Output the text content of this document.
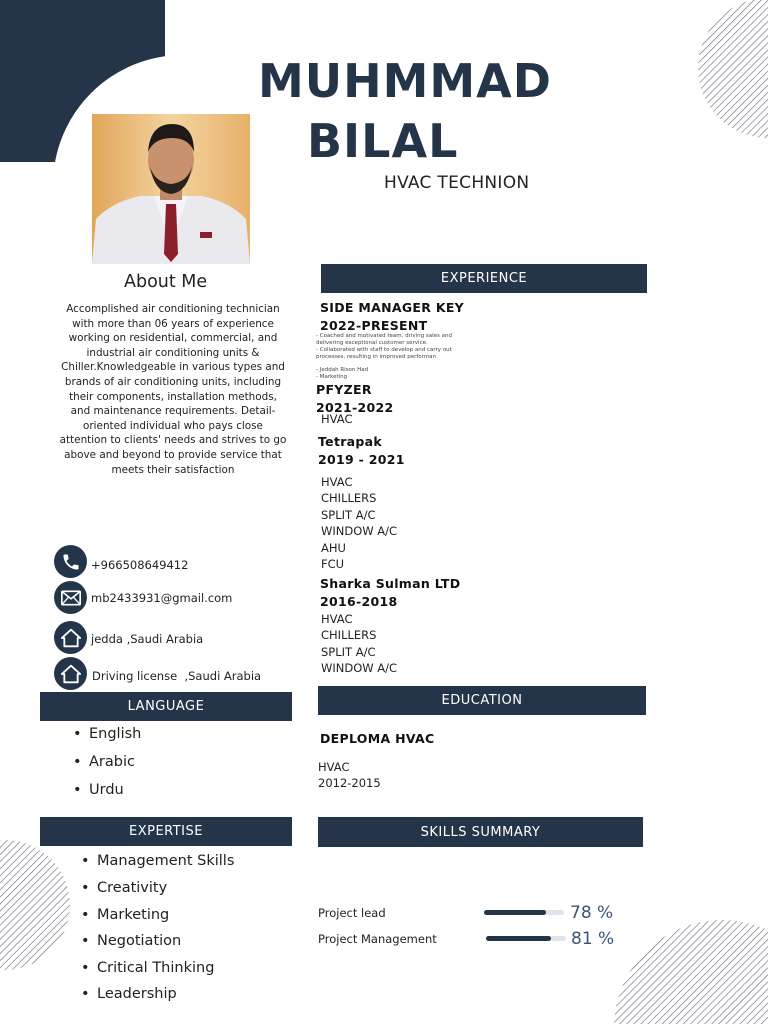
MUHMMAD
BILAL
HVAC TECHNION
About Me
Accomplished air conditioning technician with more than 06 years of experience working on residential, commercial, and industrial air conditioning units & Chiller.Knowledgeable in various types and brands of air conditioning units, including their components, installation methods, and maintenance requirements. Detail-oriented individual who pays close attention to clients' needs and strives to go above and beyond to provide service that meets their satisfaction
+966508649412
mb2433931@gmail.com
jedda ,Saudi Arabia
Driving license  ,Saudi Arabia
LANGUAGE
• English
• Arabic
• Urdu
EXPERTISE
• Management Skills
• Creativity
• Marketing
• Negotiation
• Critical Thinking
• Leadership
EXPERIENCE
SIDE MANAGER KEY
2022-PRESENT
- Coached and motivated team, driving sales and delivering exceptional customer service.
- Collaborated with staff to develop and carry out processes, resulting in improved performan
- Jeddah Rison Had
- Marketing
PFYZER
2021-2022
HVAC
Tetrapak
2019 - 2021
HVAC
CHILLERS
SPLIT A/C
WINDOW A/C
AHU
FCU
Sharka Sulman LTD
2016-2018
HVAC
CHILLERS
SPLIT A/C
WINDOW A/C
EDUCATION
DEPLOMA HVAC
HVAC
2012-2015
SKILLS SUMMARY
Project lead	78 %
Project Management	81 %
